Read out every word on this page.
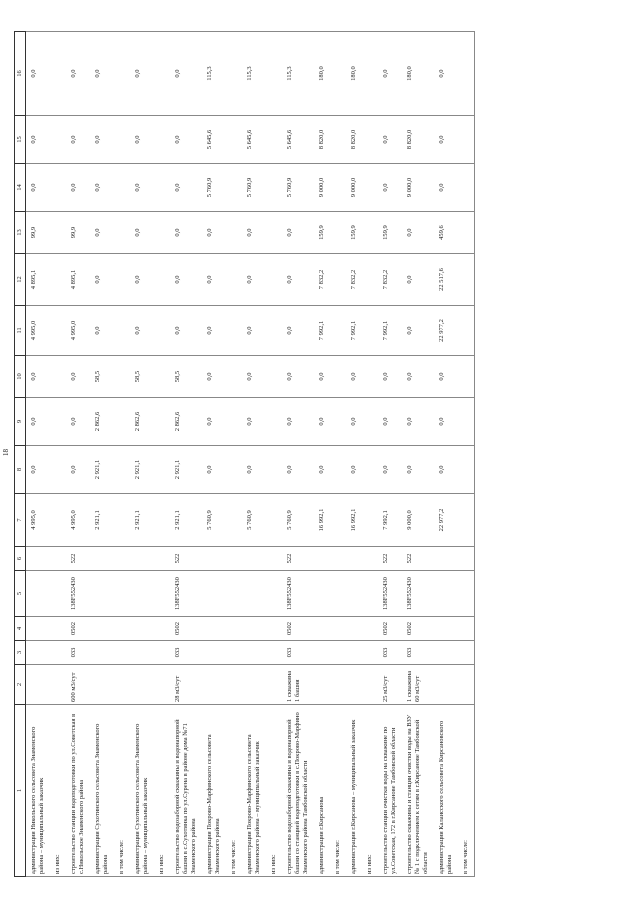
18
1	2	3	4	5	6	7	8	9	10	11	12	13	14	15	16
администрация Никольского сельсовета Знаменского района – муниципальный заказчик						4 995,0	0,0	0,0	0,0	4 995,0	4 895,1	99,9	0,0	0,0	0,0
из них:															
строительство станции водоподготовки по ул.Советская в с.Никольское Знаменского района	600 м3/сут	033	0502	138F552430	522	4 995,0	0,0	0,0	0,0	4 995,0	4 895,1	99,9	0,0	0,0	0,0
администрация Сухотинского сельсовета Знаменского района						2 921,1	2 921,1	2 862,6	58,5	0,0	0,0	0,0	0,0	0,0	0,0
в том числе:															
администрация Сухотинского сельсовета Знаменского района – муниципальный заказчик						2 921,1	2 921,1	2 862,6	58,5	0,0	0,0	0,0	0,0	0,0	0,0
из них:															
строительство водозаборной скважины и водонапорной башни в с.Сухотинка по ул.Сурена в районе дома №71 Знаменского района	28 м3/сут	033	0502	138F552430	522	2 921,1	2 921,1	2 862,6	58,5	0,0	0,0	0,0	0,0	0,0	0,0
администрация Покрово-Марфинского сельсовета Знаменского района						5 760,9	0,0	0,0	0,0	0,0	0,0	0,0	5 760,9	5 645,6	115,3
в том числе:															
администрация Покрово-Марфинского сельсовета Знаменского района – муниципальный заказчик						5 760,9	0,0	0,0	0,0	0,0	0,0	0,0	5 760,9	5 645,6	115,3
из них:															
строительство водозаборной скважины и водонапорной башни со станцией водоподготовки в с.Покрово-Марфино Знаменского района Тамбовской области	1 скважина 1 башня	033	0502	138F552430	522	5 760,9	0,0	0,0	0,0	0,0	0,0	0,0	5 760,9	5 645,6	115,3
администрация г.Кирсанова						16 992,1	0,0	0,0	0,0	7 992,1	7 832,2	159,9	9 000,0	8 820,0	180,0
в том числе:															
администрация г.Кирсанова – муниципальный заказчик						16 992,1	0,0	0,0	0,0	7 992,1	7 832,2	159,9	9 000,0	8 820,0	180,0
из них:															
строительство станции очистки воды на скважине по ул.Советская, 172 в г.Кирсанове Тамбовской области	25 м3/сут	033	0502	138F552430	522	7 992,1	0,0	0,0	0,0	7 992,1	7 832,2	159,9	0,0	0,0	0,0
строительство скважины и станции очистки воды на ВЗУ № 1 с подключением к сетям в г.Кирсанове Тамбовской области	1 скважина 60 м3/сут	033	0502	138F552430	522	9 000,0	0,0	0,0	0,0	0,0	0,0	0,0	9 000,0	8 820,0	180,0
администрация Калаисского сельсовета Кирсановского района						22 977,2	0,0	0,0	0,0	22 977,2	22 517,6	459,6	0,0	0,0	0,0
в том числе:															
